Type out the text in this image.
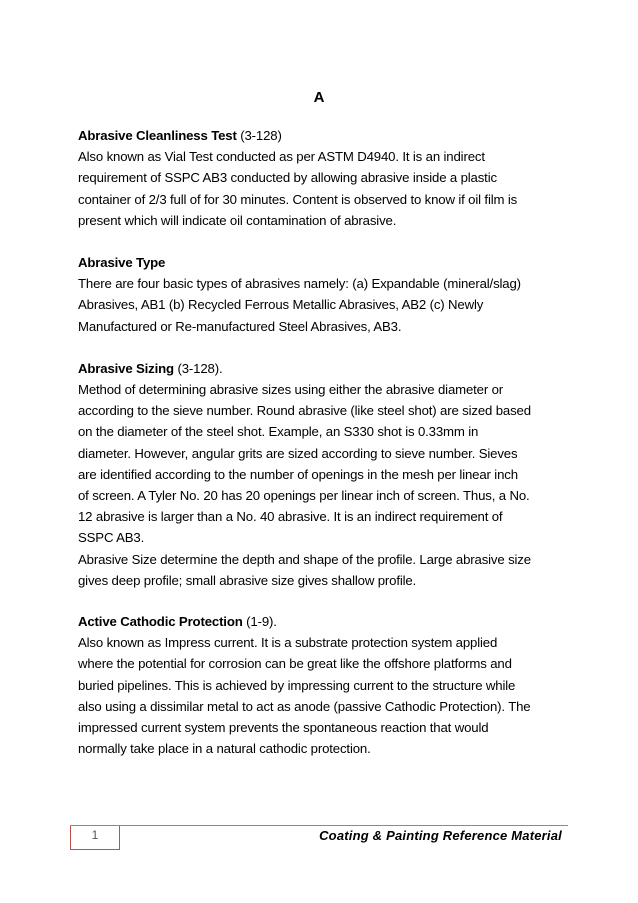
A

Abrasive Cleanliness Test (3-128)

Also known as Vial Test conducted as per ASTM D4940. It is an indirect

requirement of SSPC AB3 conducted by allowing abrasive inside a plastic

container of 2/3 full of for 30 minutes. Content is observed to know if oil film is

present which will indicate oil contamination of abrasive.

Abrasive Type

There are four basic types of abrasives namely: (a) Expandable (mineral/slag)

Abrasives, AB1 (b) Recycled Ferrous Metallic Abrasives, AB2 (c) Newly

Manufactured or Re-manufactured Steel Abrasives, AB3.

Abrasive Sizing (3-128).

Method of determining abrasive sizes using either the abrasive diameter or

according to the sieve number. Round abrasive (like steel shot) are sized based

on the diameter of the steel shot. Example, an S330 shot is 0.33mm in

diameter. However, angular grits are sized according to sieve number. Sieves

are identified according to the number of openings in the mesh per linear inch

of screen. A Tyler No. 20 has 20 openings per linear inch of screen. Thus, a No.

12 abrasive is larger than a No. 40 abrasive. It is an indirect requirement of

SSPC AB3.

Abrasive Size determine the depth and shape of the profile. Large abrasive size

gives deep profile; small abrasive size gives shallow profile.

Active Cathodic Protection (1-9).

Also known as Impress current. It is a substrate protection system applied

where the potential for corrosion can be great like the offshore platforms and

buried pipelines. This is achieved by impressing current to the structure while

also using a dissimilar metal to act as anode (passive Cathodic Protection). The

impressed current system prevents the spontaneous reaction that would

normally take place in a natural cathodic protection.

1	Coating & Painting Reference Material
